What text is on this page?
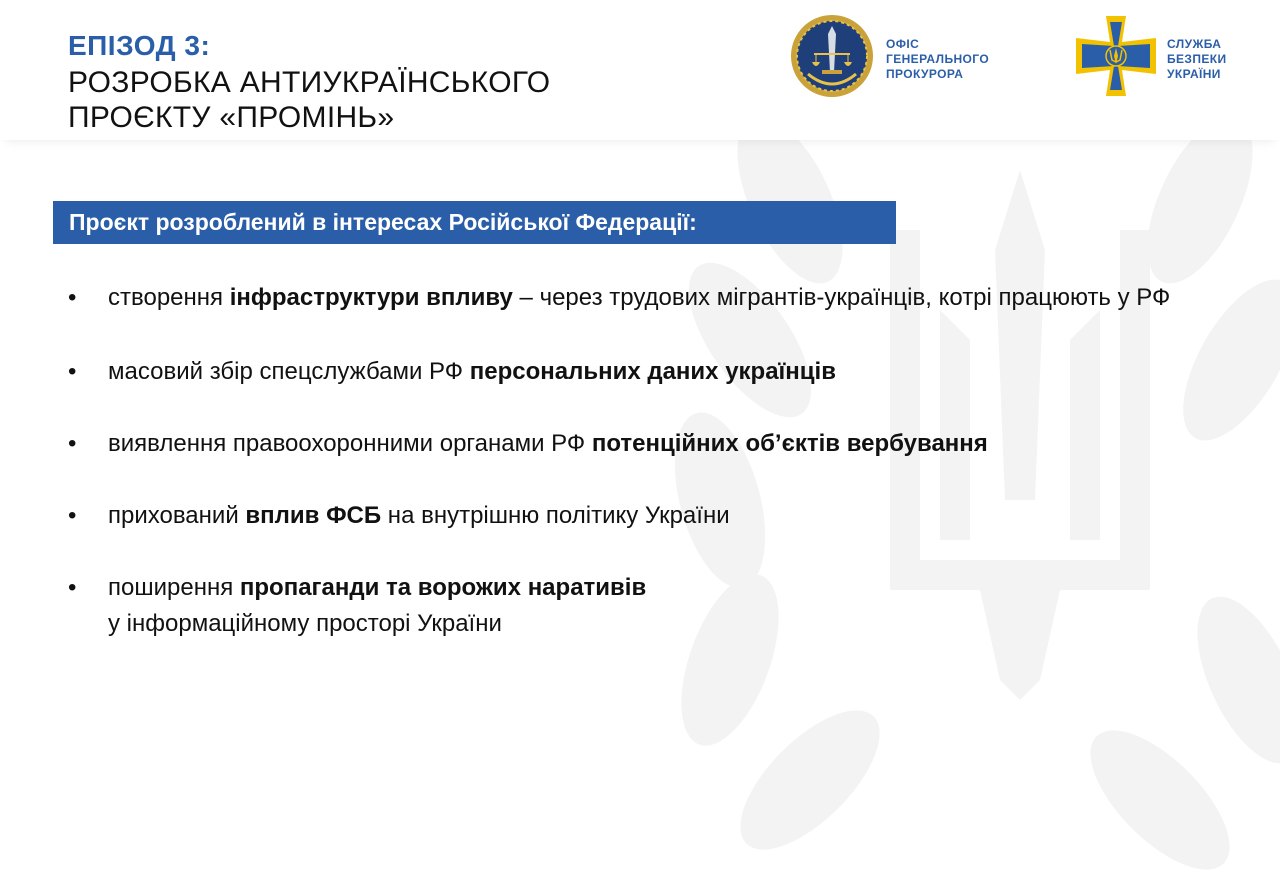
ЕПІЗОД 3:
РОЗРОБКА АНТИУКРАЇНСЬКОГО
ПРОЄКТУ «ПРОМІНЬ»
ОФІС
ГЕНЕРАЛЬНОГО
ПРОКУРОРА
СЛУЖБА
БЕЗПЕКИ
УКРАЇНИ
Проєкт розроблений в інтересах Російської Федерації:
• створення інфраструктури впливу – через трудових мігрантів-українців, котрі працюють у РФ
• масовий збір спецслужбами РФ персональних даних українців
• виявлення правоохоронними органами РФ потенційних об’єктів вербування
• прихований вплив ФСБ на внутрішню політику України
• поширення пропаганди та ворожих наративів
у інформаційному просторі України
